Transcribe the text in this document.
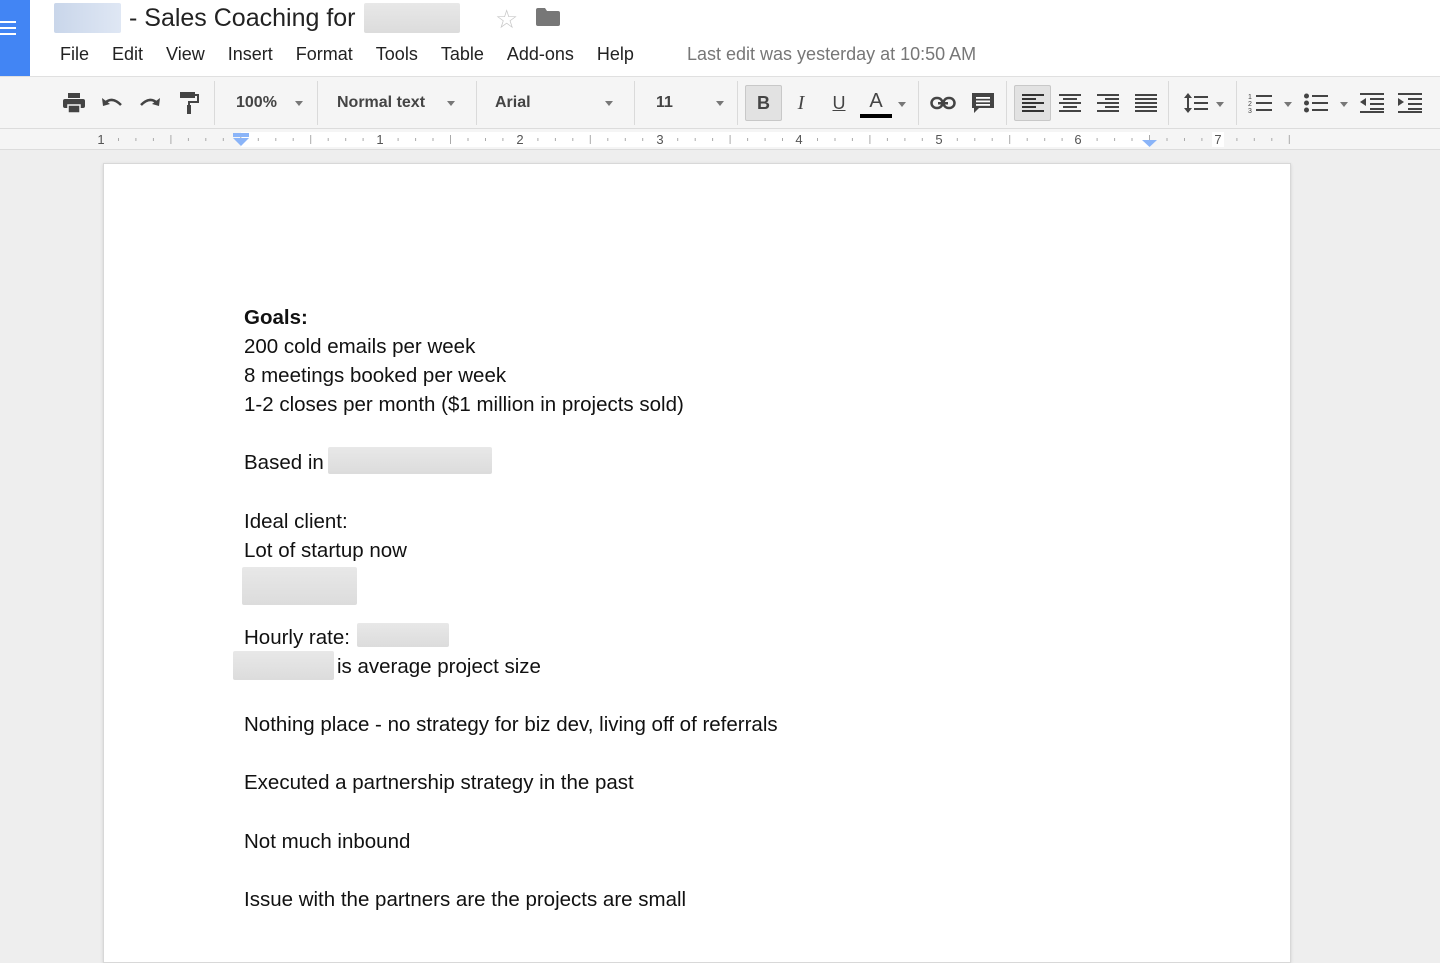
- Sales Coaching for	☆
File Edit View Insert Format Tools Table Add-ons Help	Last edit was yesterday at 10:50 AM
100%	Normal text	Arial	11	B I U A	1
2
3
1	1	2	3	4	5	6	7
Goals:
200 cold emails per week
8 meetings booked per week
1-2 closes per month ($1 million in projects sold)
Based in
Ideal client:
Lot of startup now
Hourly rate:
is average project size
Nothing place - no strategy for biz dev, living off of referrals
Executed a partnership strategy in the past
Not much inbound
Issue with the partners are the projects are small
